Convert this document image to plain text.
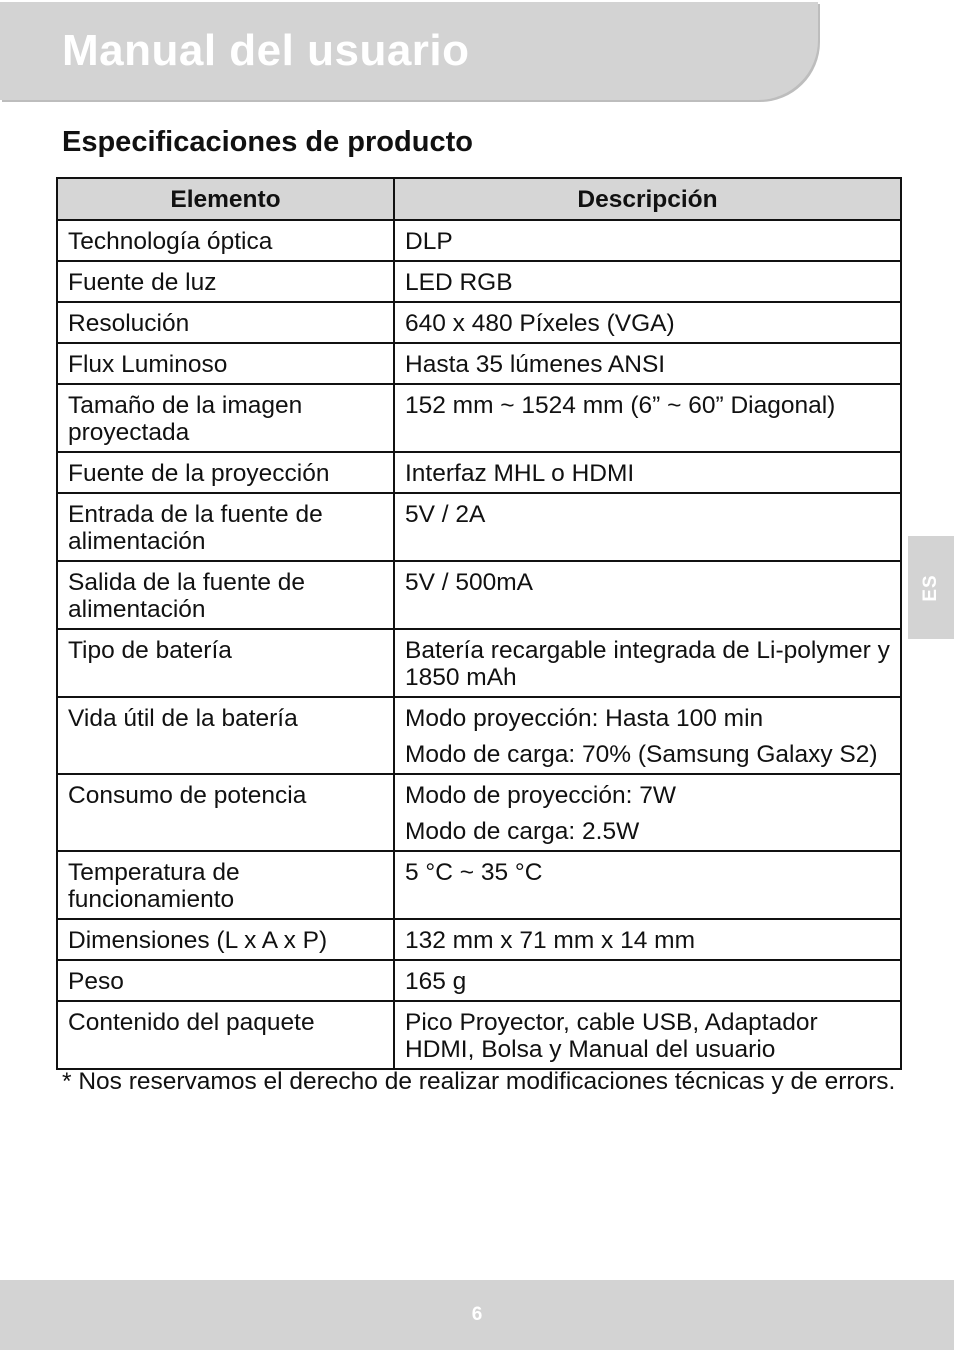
Manual del usuario
Especificaciones de producto
Elemento	Descripción
Technología óptica	DLP

Fuente de luz	LED RGB

Resolución	640 x 480 Píxeles (VGA)

Flux Luminoso	Hasta 35 lúmenes ANSI

Tamaño de la imagen proyectada	152 mm ~ 1524 mm (6” ~ 60” Diagonal)

Fuente de la proyección	Interfaz MHL o HDMI

Entrada de la fuente de alimentación	5V / 2A

Salida de la fuente de alimentación	5V / 500mA

Tipo de batería	Batería recargable integrada de Li-polymer y 1850 mAh

Vida útil de la batería	Modo proyección: Hasta 100 min

Modo de carga: 70% (Samsung Galaxy S2)

Consumo de potencia	Modo de proyección: 7W

Modo de carga: 2.5W

Temperatura de funcionamiento	5 °C ~ 35 °C

Dimensiones (L x A x P)	132 mm x 71 mm x 14 mm

Peso	165 g

Contenido del paquete	Pico Proyector, cable USB, Adaptador HDMI, Bolsa y Manual del usuario

* Nos reservamos el derecho de realizar modificaciones técnicas y de errors.
ES
6
